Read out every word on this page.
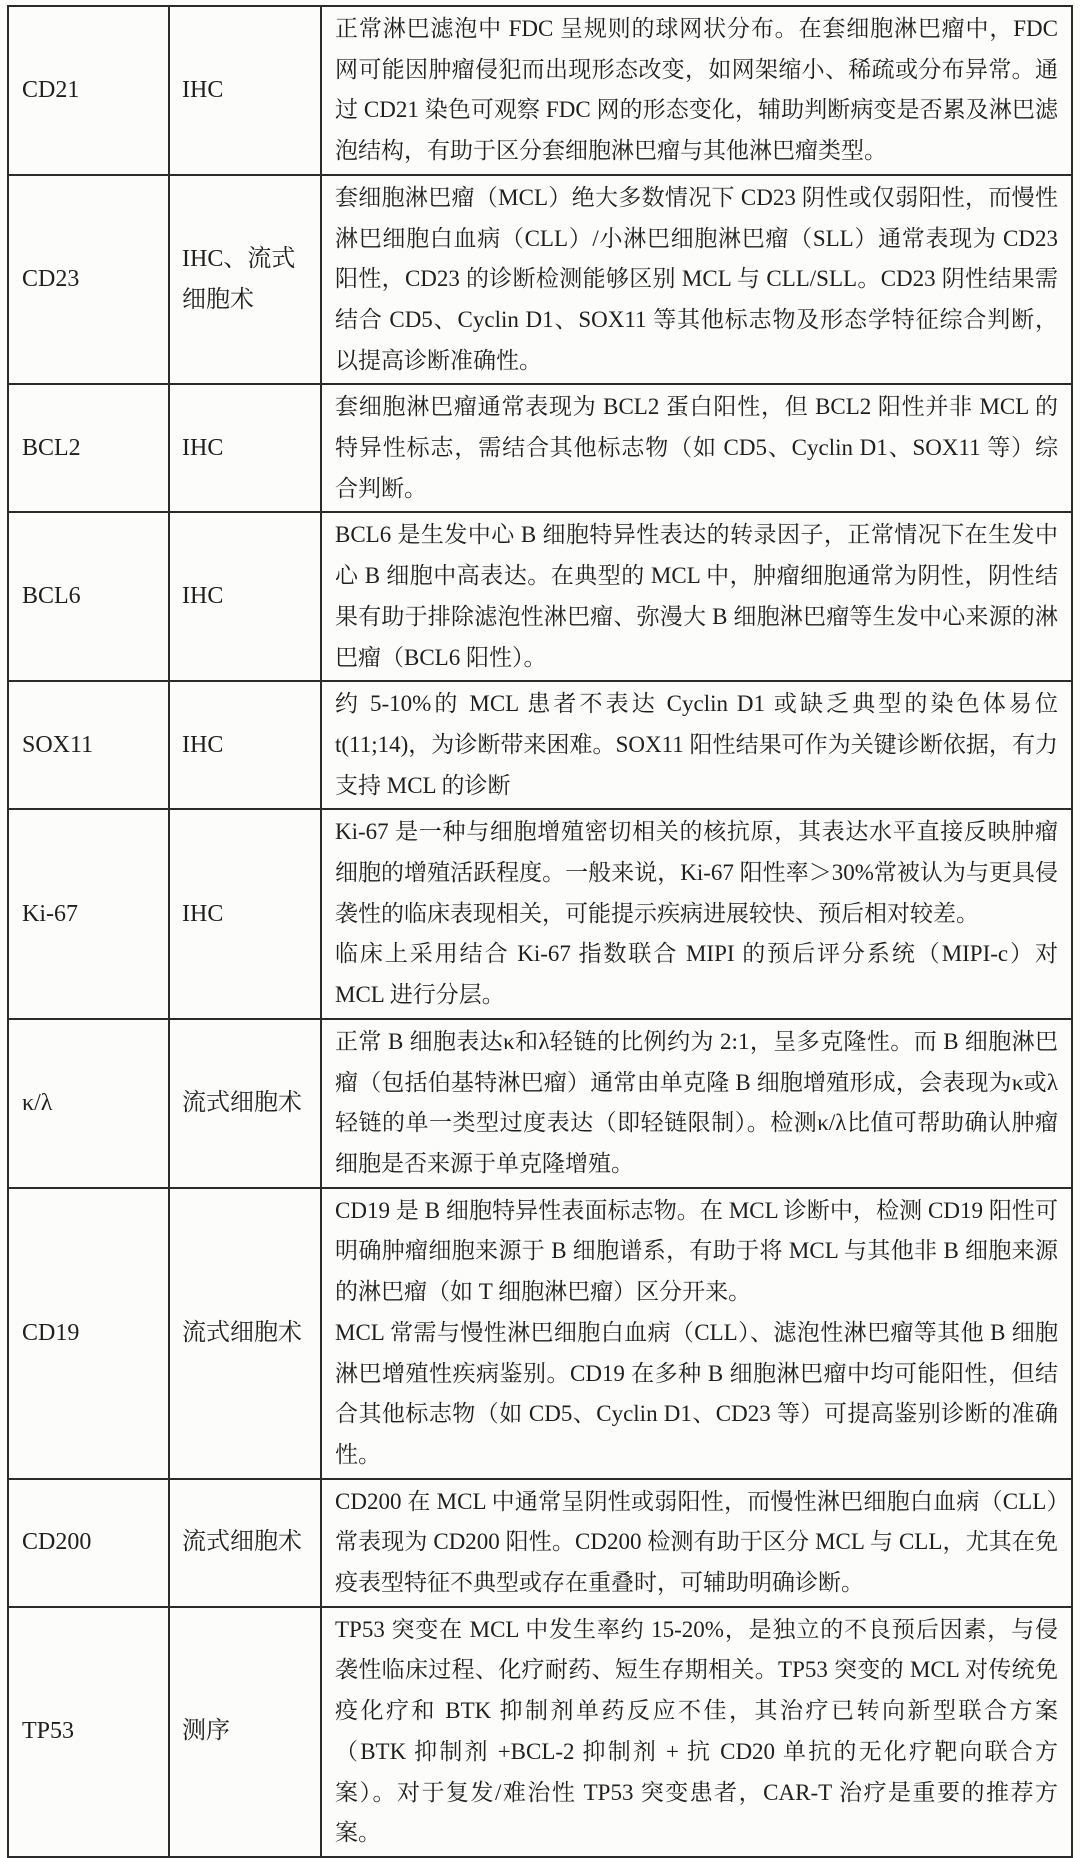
CD21	IHC	正常淋巴滤泡中 FDC 呈规则的球网状分布。在套细胞淋巴瘤中，FDC 网可能因肿瘤侵犯而出现形态改变，如网架缩小、稀疏或分布异常。通过 CD21 染色可观察 FDC 网的形态变化，辅助判断病变是否累及淋巴滤泡结构，有助于区分套细胞淋巴瘤与其他淋巴瘤类型。

CD23	IHC、流式细胞术	套细胞淋巴瘤（MCL）绝大多数情况下 CD23 阴性或仅弱阳性，而慢性淋巴细胞白血病（CLL）/小淋巴细胞淋巴瘤（SLL）通常表现为 CD23 阳性，CD23 的诊断检测能够区别 MCL 与 CLL/SLL。CD23 阴性结果需结合 CD5、Cyclin D1、SOX11 等其他标志物及形态学特征综合判断，以提高诊断准确性。

BCL2	IHC	套细胞淋巴瘤通常表现为 BCL2 蛋白阳性，但 BCL2 阳性并非 MCL 的特异性标志，需结合其他标志物（如 CD5、Cyclin D1、SOX11 等）综合判断。

BCL6	IHC	BCL6 是生发中心 B 细胞特异性表达的转录因子，正常情况下在生发中心 B 细胞中高表达。在典型的 MCL 中，肿瘤细胞通常为阴性，阴性结果有助于排除滤泡性淋巴瘤、弥漫大 B 细胞淋巴瘤等生发中心来源的淋巴瘤（BCL6 阳性）。

SOX11	IHC	约 5-10%的 MCL 患者不表达 Cyclin D1 或缺乏典型的染色体易位 t(11;14)，为诊断带来困难。SOX11 阳性结果可作为关键诊断依据，有力支持 MCL 的诊断

Ki-67	IHC	Ki-67 是一种与细胞增殖密切相关的核抗原，其表达水平直接反映肿瘤细胞的增殖活跃程度。一般来说，Ki-67 阳性率＞30%常被认为与更具侵袭性的临床表现相关，可能提示疾病进展较快、预后相对较差。
临床上采用结合 Ki-67 指数联合 MIPI 的预后评分系统（MIPI-c）对 MCL 进行分层。

κ/λ	流式细胞术	正常 B 细胞表达κ和λ轻链的比例约为 2:1，呈多克隆性。而 B 细胞淋巴瘤（包括伯基特淋巴瘤）通常由单克隆 B 细胞增殖形成，会表现为κ或λ轻链的单一类型过度表达（即轻链限制）。检测κ/λ比值可帮助确认肿瘤细胞是否来源于单克隆增殖。

CD19	流式细胞术	CD19 是 B 细胞特异性表面标志物。在 MCL 诊断中，检测 CD19 阳性可明确肿瘤细胞来源于 B 细胞谱系，有助于将 MCL 与其他非 B 细胞来源的淋巴瘤（如 T 细胞淋巴瘤）区分开来。
MCL 常需与慢性淋巴细胞白血病（CLL）、滤泡性淋巴瘤等其他 B 细胞淋巴增殖性疾病鉴别。CD19 在多种 B 细胞淋巴瘤中均可能阳性，但结合其他标志物（如 CD5、Cyclin D1、CD23 等）可提高鉴别诊断的准确性。

CD200	流式细胞术	CD200 在 MCL 中通常呈阴性或弱阳性，而慢性淋巴细胞白血病（CLL）常表现为 CD200 阳性。CD200 检测有助于区分 MCL 与 CLL，尤其在免疫表型特征不典型或存在重叠时，可辅助明确诊断。

TP53	测序	TP53 突变在 MCL 中发生率约 15-20%，是独立的不良预后因素，与侵袭性临床过程、化疗耐药、短生存期相关。TP53 突变的 MCL 对传统免疫化疗和 BTK 抑制剂单药反应不佳，其治疗已转向新型联合方案（BTK 抑制剂 +BCL-2 抑制剂 + 抗 CD20 单抗的无化疗靶向联合方案）。对于复发/难治性 TP53 突变患者，CAR-T 治疗是重要的推荐方案。
